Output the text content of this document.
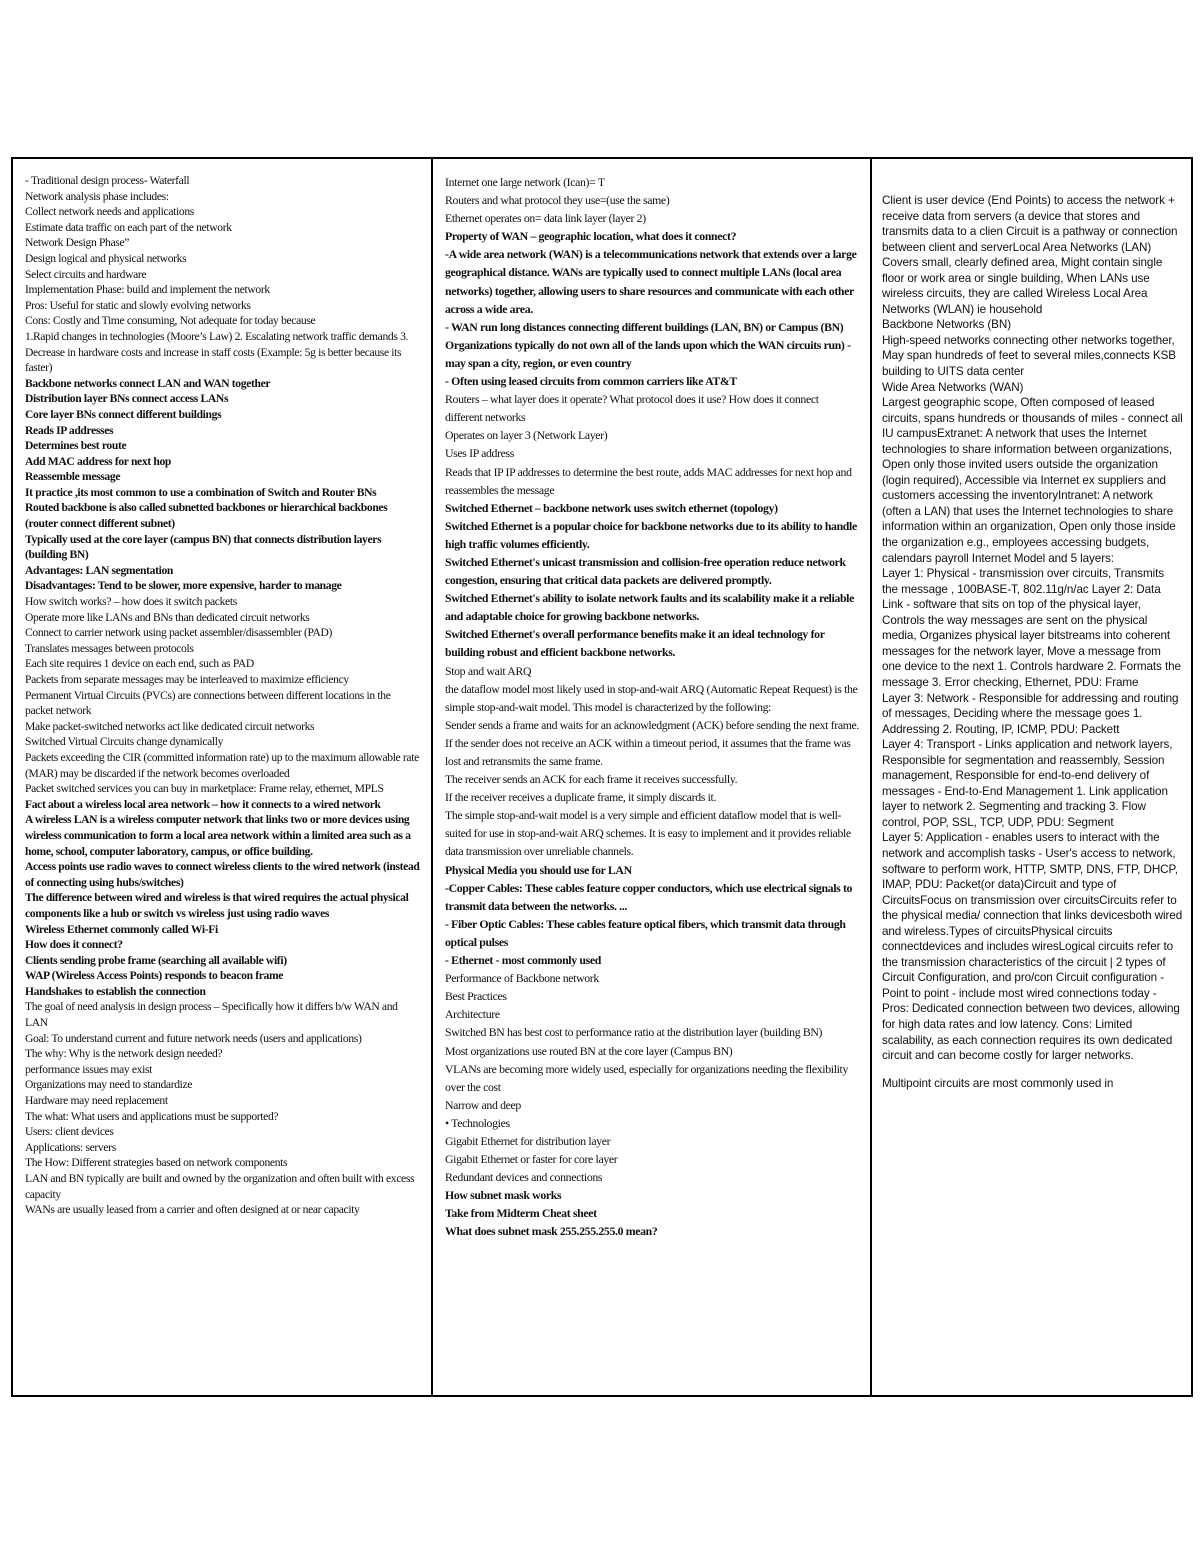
- Traditional design process- Waterfall
Network analysis phase includes:
Collect network needs and applications
Estimate data traffic on each part of the network
Network Design Phase”
Design logical and physical networks
Select circuits and hardware
Implementation Phase: build and implement the network
Pros: Useful for static and slowly evolving networks
Cons: Costly and Time consuming, Not adequate for today because
1.Rapid changes in technologies (Moore’s Law) 2. Escalating network traffic demands 3. Decrease in hardware costs and increase in staff costs (Example: 5g is better because its faster)
Backbone networks connect LAN and WAN together
Distribution layer BNs connect access LANs
Core layer BNs connect different buildings
Reads IP addresses
Determines best route
Add MAC address for next hop
Reassemble message
It practice ,its most common to use a combination of Switch and Router BNs
Routed backbone is also called subnetted backbones or hierarchical backbones (router connect different subnet)
Typically used at the core layer (campus BN) that connects distribution layers (building BN)
Advantages: LAN segmentation
Disadvantages: Tend to be slower, more expensive, harder to manage
How switch works? – how does it switch packets
Operate more like LANs and BNs than dedicated circuit networks
Connect to carrier network using packet assembler/disassembler (PAD)
Translates messages between protocols
Each site requires 1 device on each end, such as PAD
Packets from separate messages may be interleaved to maximize efficiency
Permanent Virtual Circuits (PVCs) are connections between different locations in the packet network
Make packet-switched networks act like dedicated circuit networks
Switched Virtual Circuits change dynamically
Packets exceeding the CIR (committed information rate) up to the maximum allowable rate (MAR) may be discarded if the network becomes overloaded
Packet switched services you can buy in marketplace: Frame relay, ethernet, MPLS
Fact about a wireless local area network – how it connects to a wired network
A wireless LAN is a wireless computer network that links two or more devices using wireless communication to form a local area network within a limited area such as a home, school, computer laboratory, campus, or office building.
Access points use radio waves to connect wireless clients to the wired network (instead of connecting using hubs/switches)
The difference between wired and wireless is that wired requires the actual physical components like a hub or switch vs wireless just using radio waves
Wireless Ethernet commonly called Wi-Fi
How does it connect?
Clients sending probe frame (searching all available wifi)
WAP (Wireless Access Points) responds to beacon frame
Handshakes to establish the connection
The goal of need analysis in design process – Specifically how it differs b/w WAN and LAN
Goal: To understand current and future network needs (users and applications)
The why: Why is the network design needed?
performance issues may exist
Organizations may need to standardize
Hardware may need replacement
The what: What users and applications must be supported?
Users: client devices
Applications: servers
The How: Different strategies based on network components
LAN and BN typically are built and owned by the organization and often built with excess capacity
WANs are usually leased from a carrier and often designed at or near capacity
Internet one large network (Ican)= T
Routers and what protocol they use=(use the same)
Ethernet operates on= data link layer (layer 2)
Property of WAN – geographic location, what does it connect?
-A wide area network (WAN) is a telecommunications network that extends over a large geographical distance. WANs are typically used to connect multiple LANs (local area networks) together, allowing users to share resources and communicate with each other across a wide area.
- WAN run long distances connecting different buildings (LAN, BN) or Campus (BN) Organizations typically do not own all of the lands upon which the WAN circuits run) - may span a city, region, or even country
- Often using leased circuits from common carriers like AT&T
Routers – what layer does it operate? What protocol does it use? How does it connect
different networks
Operates on layer 3 (Network Layer)
Uses IP address
Reads that IP IP addresses to determine the best route, adds MAC addresses for next hop and reassembles the message
Switched Ethernet – backbone network uses switch ethernet (topology)
Switched Ethernet is a popular choice for backbone networks due to its ability to handle high traffic volumes efficiently.
Switched Ethernet's unicast transmission and collision-free operation reduce network congestion, ensuring that critical data packets are delivered promptly.
Switched Ethernet's ability to isolate network faults and its scalability make it a reliable and adaptable choice for growing backbone networks.
Switched Ethernet's overall performance benefits make it an ideal technology for building robust and efficient backbone networks.
Stop and wait ARQ
the dataflow model most likely used in stop-and-wait ARQ (Automatic Repeat Request) is the simple stop-and-wait model. This model is characterized by the following:
Sender sends a frame and waits for an acknowledgment (ACK) before sending the next frame.
If the sender does not receive an ACK within a timeout period, it assumes that the frame was lost and retransmits the same frame.
The receiver sends an ACK for each frame it receives successfully.
If the receiver receives a duplicate frame, it simply discards it.
The simple stop-and-wait model is a very simple and efficient dataflow model that is well-suited for use in stop-and-wait ARQ schemes. It is easy to implement and it provides reliable data transmission over unreliable channels.
Physical Media you should use for LAN
-Copper Cables: These cables feature copper conductors, which use electrical signals to transmit data between the networks. ...
- Fiber Optic Cables: These cables feature optical fibers, which transmit data through optical pulses
- Ethernet - most commonly used
Performance of Backbone network
Best Practices
Architecture
Switched BN has best cost to performance ratio at the distribution layer (building BN)
Most organizations use routed BN at the core layer (Campus BN)
VLANs are becoming more widely used, especially for organizations needing the flexibility over the cost
Narrow and deep
• Technologies
Gigabit Ethernet for distribution layer
Gigabit Ethernet or faster for core layer
Redundant devices and connections
How subnet mask works
Take from Midterm Cheat sheet
What does subnet mask 255.255.255.0 mean?
Client is user device (End Points) to access the network + receive data from servers (a device that stores and transmits data to a clien Circuit is a pathway or connection between client and serverLocal Area Networks (LAN)
Covers small, clearly defined area, Might contain single floor or work area or single building, When LANs use wireless circuits, they are called Wireless Local Area Networks (WLAN) ie household
Backbone Networks (BN)
High-speed networks connecting other networks together, May span hundreds of feet to several miles,connects KSB building to UITS data center
Wide Area Networks (WAN)
Largest geographic scope, Often composed of leased circuits, spans hundreds or thousands of miles - connect all IU campusExtranet: A network that uses the Internet technologies to share information between organizations, Open only those invited users outside the organization (login required), Accessible via Internet ex suppliers and customers accessing the inventoryIntranet: A network (often a LAN) that uses the Internet technologies to share information within an organization, Open only those inside the organization e.g., employees accessing budgets, calendars payroll Internet Model and 5 layers:
Layer 1: Physical - transmission over circuits, Transmits the message , 100BASE-T, 802.11g/n/ac Layer 2: Data Link - software that sits on top of the physical layer, Controls the way messages are sent on the physical media, Organizes physical layer bitstreams into coherent messages for the network layer, Move a message from one device to the next 1. Controls hardware 2. Formats the message 3. Error checking, Ethernet, PDU: Frame
Layer 3: Network - Responsible for addressing and routing of messages, Deciding where the message goes 1. Addressing 2. Routing, IP, ICMP, PDU: Packett
Layer 4: Transport - Links application and network layers, Responsible for segmentation and reassembly, Session management, Responsible for end-to-end delivery of messages - End-to-End Management 1. Link application layer to network 2. Segmenting and tracking 3. Flow control, POP, SSL, TCP, UDP, PDU: Segment
Layer 5: Application - enables users to interact with the network and accomplish tasks - User's access to network, software to perform work, HTTP, SMTP, DNS, FTP, DHCP, IMAP, PDU: Packet(or data)Circuit and type of CircuitsFocus on transmission over circuitsCircuits refer to the physical media/ connection that links devicesboth wired and wireless.Types of circuitsPhysical circuits connectdevices and includes wiresLogical circuits refer to the transmission characteristics of the circuit | 2 types of Circuit Configuration, and pro/con Circuit configuration - Point to point - include most wired connections today - Pros: Dedicated connection between two devices, allowing for high data rates and low latency. Cons: Limited scalability, as each connection requires its own dedicated circuit and can become costly for larger networks.
Multipoint circuits are most commonly used in
